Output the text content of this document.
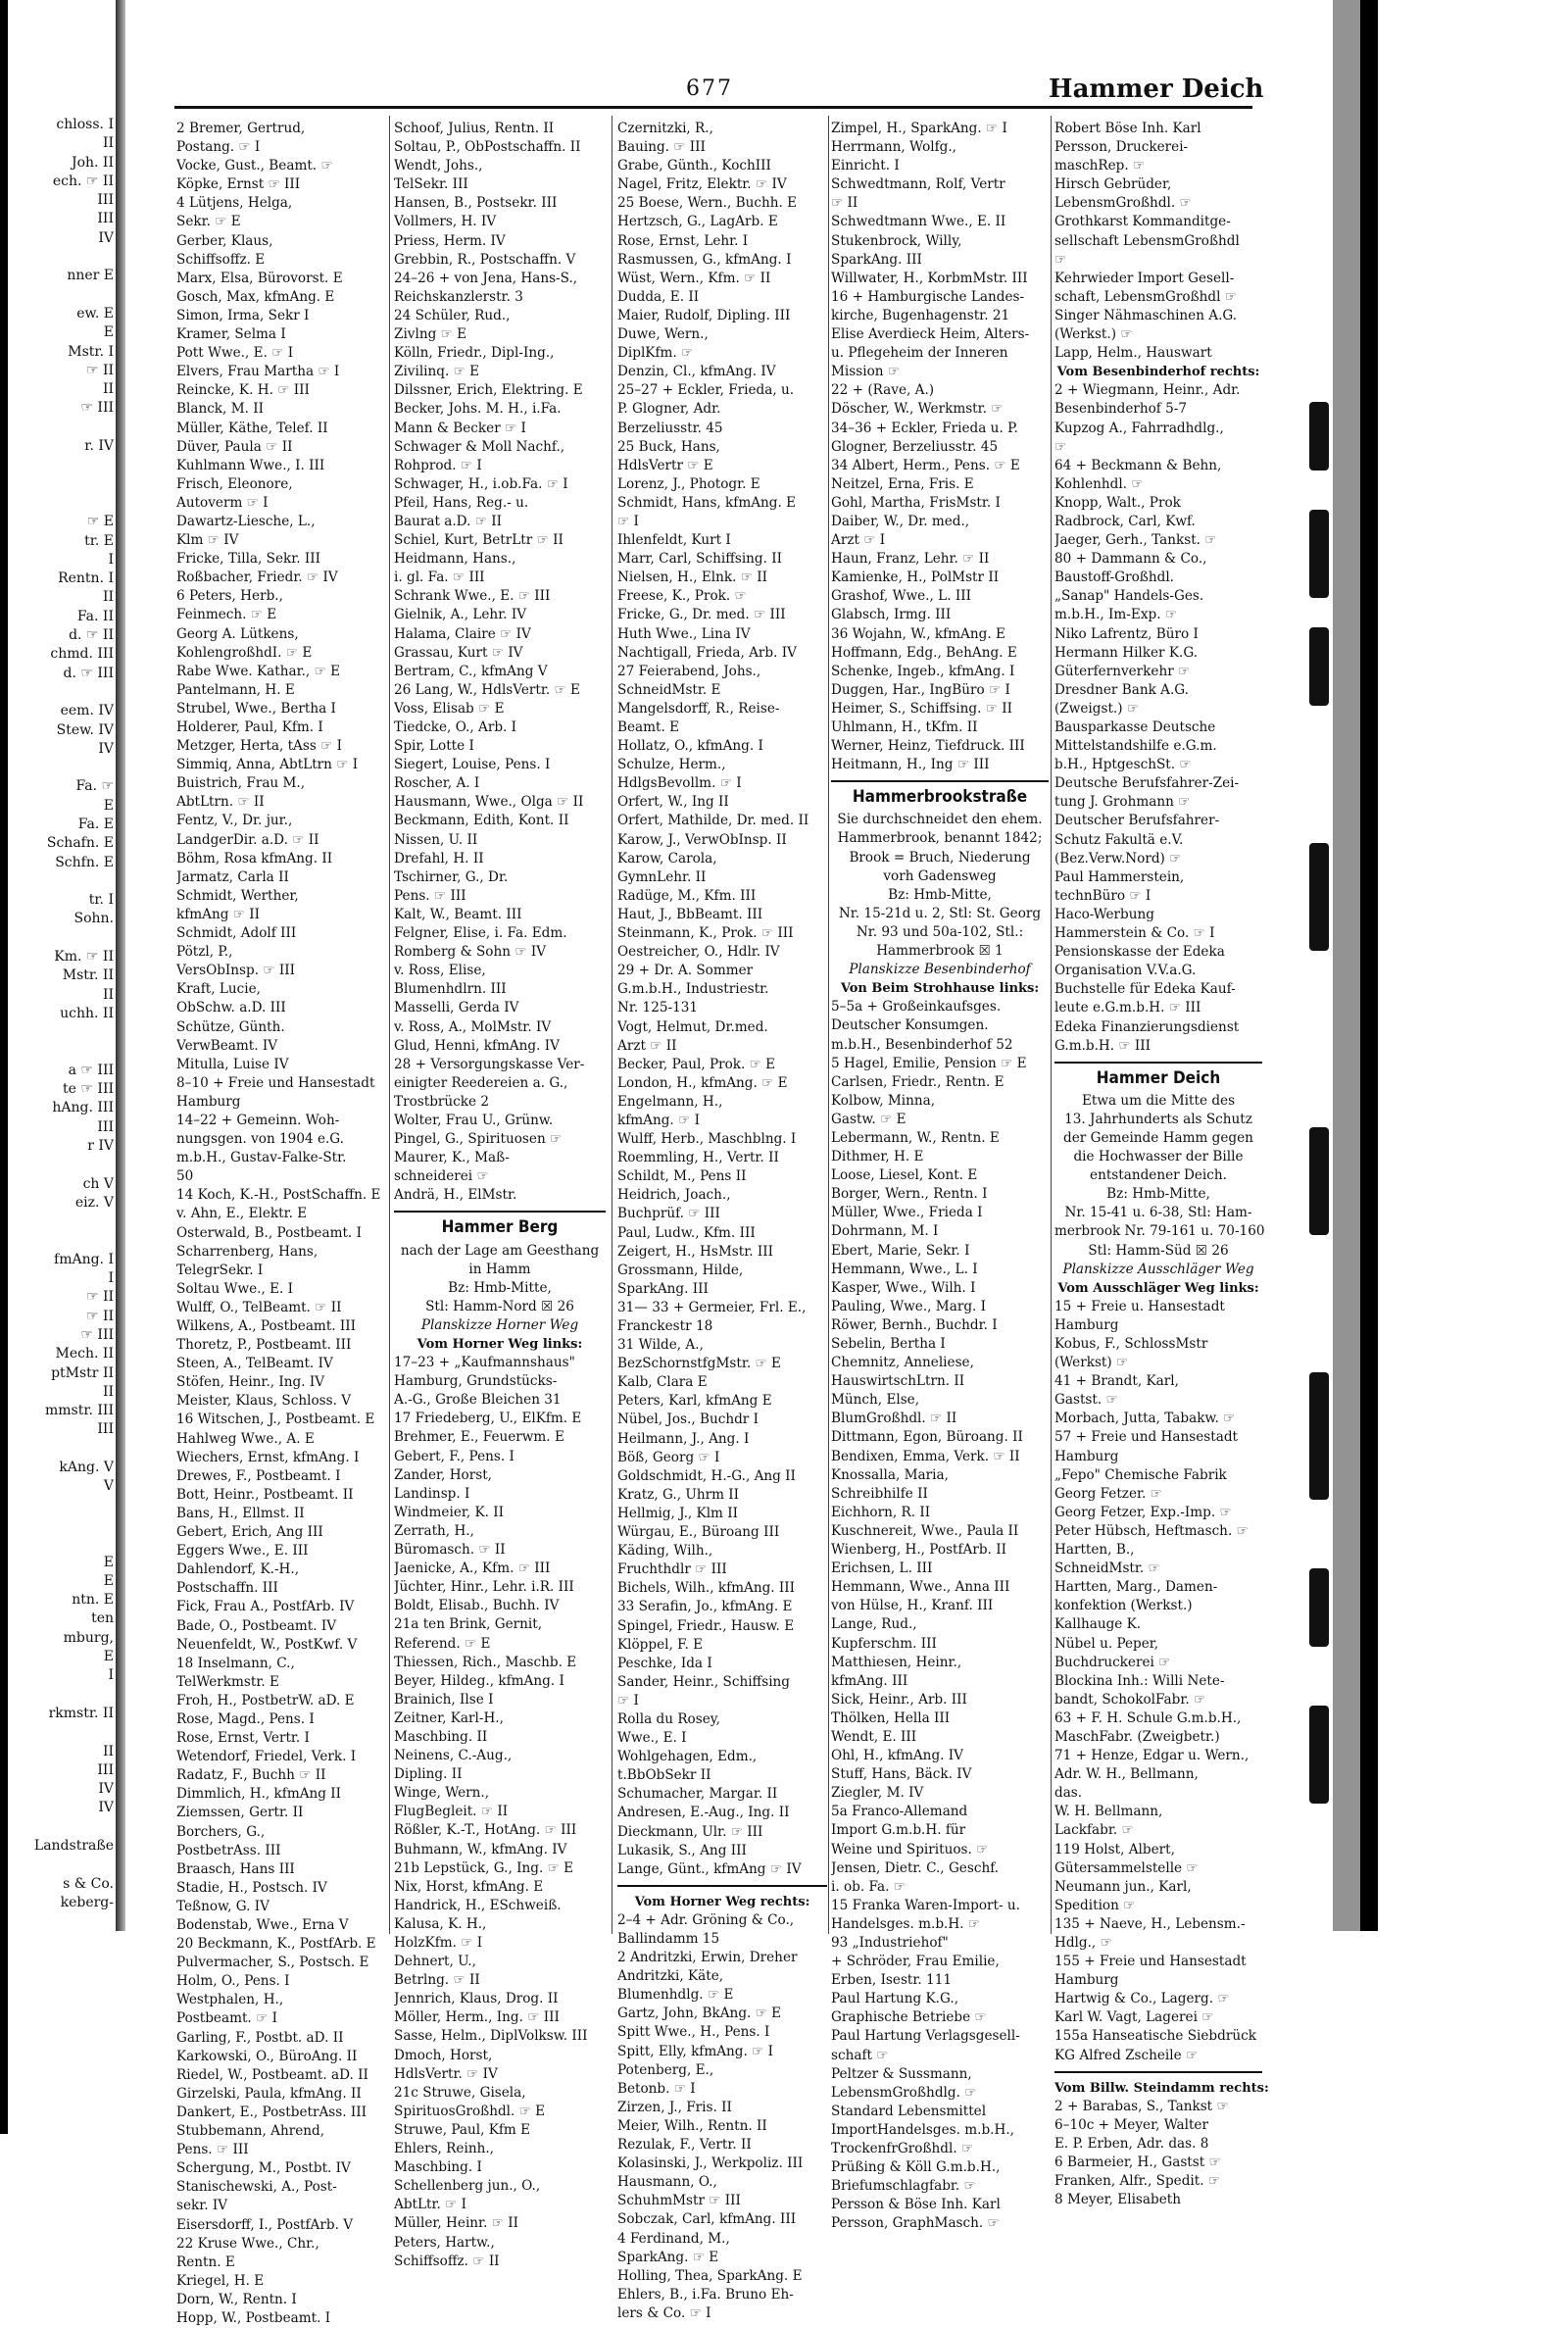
677	Hammer Deich
chloss. I
II
Joh. II
ech. ☞ II
III
III
IV

nner E

ew. E
E
Mstr. I
☞ II
II
☞ III

r. IV

☞ E
tr. E
I
Rentn. I
II
Fa. II
d. ☞ II
chmd. III
d. ☞ III

eem. IV
Stew. IV
IV

Fa. ☞
E
Fa. E
Schafn. E
Schfn. E

tr. I
Sohn.

Km. ☞ II
Mstr. II
II
uchh. II

a ☞ III
te ☞ III
hAng. III
III
r IV

ch V
eiz. V

fmAng. I
I
☞ II
☞ II
☞ III
Mech. II
ptMstr II
II
mmstr. III
III

kAng. V
V

E
E
ntn. E
ten
mburg,
E
I

rkmstr. II

II
III
IV
IV

Landstraße

s & Co.
keberg-
2 Bremer, Gertrud,
Postang. ☞ I
Vocke, Gust., Beamt. ☞
Köpke, Ernst ☞ III
4 Lütjens, Helga,
Sekr. ☞ E
Gerber, Klaus,
Schiffsoffz. E
Marx, Elsa, Bürovorst. E
Gosch, Max, kfmAng. E
Simon, Irma, Sekr I
Kramer, Selma I
Pott Wwe., E. ☞ I
Elvers, Frau Martha ☞ I
Reincke, K. H. ☞ III
Blanck, M. II
Müller, Käthe, Telef. II
Düver, Paula ☞ II
Kuhlmann Wwe., I. III
Frisch, Eleonore,
Autoverm ☞ I
Dawartz-Liesche, L.,
Klm ☞ IV
Fricke, Tilla, Sekr. III
Roßbacher, Friedr. ☞ IV
6 Peters, Herb.,
Feinmech. ☞ E
Georg A. Lütkens,
KohlengroßhdI. ☞ E
Rabe Wwe. Kathar., ☞ E
Pantelmann, H. E
Strubel, Wwe., Bertha I
Holderer, Paul, Kfm. I
Metzger, Herta, tAss ☞ I
Simmiq, Anna, AbtLtrn ☞ I
Buistrich, Frau M.,
AbtLtrn. ☞ II
Fentz, V., Dr. jur.,
LandgerDir. a.D. ☞ II
Böhm, Rosa kfmAng. II
Jarmatz, Carla II
Schmidt, Werther,
kfmAng ☞ II
Schmidt, Adolf III
Pötzl, P.,
VersObInsp. ☞ III
Kraft, Lucie,
ObSchw. a.D. III
Schütze, Günth.
VerwBeamt. IV
Mitulla, Luise IV
8–10 + Freie und Hansestadt
Hamburg
14–22 + Gemeinn. Woh-
nungsgen. von 1904 e.G.
m.b.H., Gustav-Falke-Str.
50
14 Koch, K.-H., PostSchaffn. E
v. Ahn, E., Elektr. E
Osterwald, B., Postbeamt. I
Scharrenberg, Hans,
TelegrSekr. I
Soltau Wwe., E. I
Wulff, O., TelBeamt. ☞ II
Wilkens, A., Postbeamt. III
Thoretz, P., Postbeamt. III
Steen, A., TelBeamt. IV
Stöfen, Heinr., Ing. IV
Meister, Klaus, Schloss. V
16 Witschen, J., Postbeamt. E
Hahlweg Wwe., A. E
Wiechers, Ernst, kfmAng. I
Drewes, F., Postbeamt. I
Bott, Heinr., Postbeamt. II
Bans, H., Ellmst. II
Gebert, Erich, Ang III
Eggers Wwe., E. III
Dahlendorf, K.-H.,
Postschaffn. III
Fick, Frau A., PostfArb. IV
Bade, O., Postbeamt. IV
Neuenfeldt, W., PostKwf. V
18 Inselmann, C.,
TelWerkmstr. E
Froh, H., PostbetrW. aD. E
Rose, Magd., Pens. I
Rose, Ernst, Vertr. I
Wetendorf, Friedel, Verk. I
Radatz, F., Buchh ☞ II
Dimmlich, H., kfmAng II
Ziemssen, Gertr. II
Borchers, G.,
PostbetrAss. III
Braasch, Hans III
Stadie, H., Postsch. IV
Teßnow, G. IV
Bodenstab, Wwe., Erna V
20 Beckmann, K., PostfArb. E
Pulvermacher, S., Postsch. E
Holm, O., Pens. I
Westphalen, H.,
Postbeamt. ☞ I
Garling, F., Postbt. aD. II
Karkowski, O., BüroAng. II
Riedel, W., Postbeamt. aD. II
Girzelski, Paula, kfmAng. II
Dankert, E., PostbetrAss. III
Stubbemann, Ahrend,
Pens. ☞ III
Schergung, M., Postbt. IV
Stanischewski, A., Post-
sekr. IV
Eisersdorff, I., PostfArb. V
22 Kruse Wwe., Chr.,
Rentn. E
Kriegel, H. E
Dorn, W., Rentn. I
Hopp, W., Postbeamt. I
Schoof, Julius, Rentn. II
Soltau, P., ObPostschaffn. II
Wendt, Johs.,
TelSekr. III
Hansen, B., Postsekr. III
Vollmers, H. IV
Priess, Herm. IV
Grebbin, R., Postschaffn. V
24–26 + von Jena, Hans-S.,
Reichskanzlerstr. 3
24 Schüler, Rud.,
Zivlng ☞ E
Kölln, Friedr., Dipl-Ing.,
Zivilinq. ☞ E
Dilssner, Erich, Elektring. E
Becker, Johs. M. H., i.Fa.
Mann & Becker ☞ I
Schwager & Moll Nachf.,
Rohprod. ☞ I
Schwager, H., i.ob.Fa. ☞ I
Pfeil, Hans, Reg.- u.
Baurat a.D. ☞ II
Schiel, Kurt, BetrLtr ☞ II
Heidmann, Hans.,
i. gl. Fa. ☞ III
Schrank Wwe., E. ☞ III
Gielnik, A., Lehr. IV
Halama, Claire ☞ IV
Grassau, Kurt ☞ IV
Bertram, C., kfmAng V
26 Lang, W., HdlsVertr. ☞ E
Voss, Elisab ☞ E
Tiedcke, O., Arb. I
Spir, Lotte I
Siegert, Louise, Pens. I
Roscher, A. I
Hausmann, Wwe., Olga ☞ II
Beckmann, Edith, Kont. II
Nissen, U. II
Drefahl, H. II
Tschirner, G., Dr.
Pens. ☞ III
Kalt, W., Beamt. III
Felgner, Elise, i. Fa. Edm.
Romberg & Sohn ☞ IV
v. Ross, Elise,
Blumenhdlrn. III
Masselli, Gerda IV
v. Ross, A., MolMstr. IV
Glud, Henni, kfmAng. IV
28 + Versorgungskasse Ver-
einigter Reedereien a. G.,
Trostbrücke 2
Wolter, Frau U., Grünw.
Pingel, G., Spirituosen ☞
Maurer, K., Maß-
schneiderei ☞
Andrä, H., ElMstr.
Hammer Berg
nach der Lage am Geesthang
in Hamm
Bz: Hmb-Mitte,
Stl: Hamm-Nord ☒ 26
Planskizze Horner Weg
Vom Horner Weg links:
17–23 + „Kaufmannshaus"
Hamburg, Grundstücks-
A.-G., Große Bleichen 31
17 Friedeberg, U., ElKfm. E
Brehmer, E., Feuerwm. E
Gebert, F., Pens. I
Zander, Horst,
Landinsp. I
Windmeier, K. II
Zerrath, H.,
Büromasch. ☞ II
Jaenicke, A., Kfm. ☞ III
Jüchter, Hinr., Lehr. i.R. III
Boldt, Elisab., Buchh. IV
21a ten Brink, Gernit,
Referend. ☞ E
Thiessen, Rich., Maschb. E
Beyer, Hildeg., kfmAng. I
Brainich, Ilse I
Zeitner, Karl-H.,
Maschbing. II
Neinens, C.-Aug.,
Dipling. II
Winge, Wern.,
FlugBegleit. ☞ II
Rößler, K.-T., HotAng. ☞ III
Buhmann, W., kfmAng. IV
21b Lepstück, G., Ing. ☞ E
Nix, Horst, kfmAng. E
Handrick, H., ESchweiß.
Kalusa, K. H.,
HolzKfm. ☞ I
Dehnert, U.,
Betrlng. ☞ II
Jennrich, Klaus, Drog. II
Möller, Herm., Ing. ☞ III
Sasse, Helm., DiplVolksw. III
Dmoch, Horst,
HdlsVertr. ☞ IV
21c Struwe, Gisela,
SpirituosGroßhdl. ☞ E
Struwe, Paul, Kfm E
Ehlers, Reinh.,
Maschbing. I
Schellenberg jun., O.,
AbtLtr. ☞ I
Müller, Heinr. ☞ II
Peters, Hartw.,
Schiffsoffz. ☞ II
Czernitzki, R.,
Bauing. ☞ III
Grabe, Günth., KochIII
Nagel, Fritz, Elektr. ☞ IV
25 Boese, Wern., Buchh. E
Hertzsch, G., LagArb. E
Rose, Ernst, Lehr. I
Rasmussen, G., kfmAng. I
Wüst, Wern., Kfm. ☞ II
Dudda, E. II
Maier, Rudolf, Dipling. III
Duwe, Wern.,
DiplKfm. ☞
Denzin, Cl., kfmAng. IV
25–27 + Eckler, Frieda, u.
P. Glogner, Adr.
Berzeliusstr. 45
25 Buck, Hans,
HdlsVertr ☞ E
Lorenz, J., Photogr. E
Schmidt, Hans, kfmAng. E
☞ I
Ihlenfeldt, Kurt I
Marr, Carl, Schiffsing. II
Nielsen, H., Elnk. ☞ II
Freese, K., Prok. ☞
Fricke, G., Dr. med. ☞ III
Huth Wwe., Lina IV
Nachtigall, Frieda, Arb. IV
27 Feierabend, Johs.,
SchneidMstr. E
Mangelsdorff, R., Reise-
Beamt. E
Hollatz, O., kfmAng. I
Schulze, Herm.,
HdlgsBevollm. ☞ I
Orfert, W., Ing II
Orfert, Mathilde, Dr. med. II
Karow, J., VerwObInsp. II
Karow, Carola,
GymnLehr. II
Radüge, M., Kfm. III
Haut, J., BbBeamt. III
Steinmann, K., Prok. ☞ III
Oestreicher, O., Hdlr. IV
29 + Dr. A. Sommer
G.m.b.H., Industriestr.
Nr. 125-131
Vogt, Helmut, Dr.med.
Arzt ☞ II
Becker, Paul, Prok. ☞ E
London, H., kfmAng. ☞ E
Engelmann, H.,
kfmAng. ☞ I
Wulff, Herb., Maschblng. I
Roemmling, H., Vertr. II
Schildt, M., Pens II
Heidrich, Joach.,
Buchprüf. ☞ III
Paul, Ludw., Kfm. III
Zeigert, H., HsMstr. III
Grossmann, Hilde,
SparkAng. III
31— 33 + Germeier, Frl. E.,
Franckestr 18
31 Wilde, A.,
BezSchornstfgMstr. ☞ E
Kalb, Clara E
Peters, Karl, kfmAng E
Nübel, Jos., Buchdr I
Heilmann, J., Ang. I
Böß, Georg ☞ I
Goldschmidt, H.-G., Ang II
Kratz, G., Uhrm II
Hellmig, J., Klm II
Würgau, E., Büroang III
Käding, Wilh.,
Fruchthdlr ☞ III
Bichels, Wilh., kfmAng. III
33 Serafin, Jo., kfmAng. E
Spingel, Friedr., Hausw. E
Klöppel, F. E
Peschke, Ida I
Sander, Heinr., Schiffsing
☞ I
Rolla du Rosey,
Wwe., E. I
Wohlgehagen, Edm.,
t.BbObSekr II
Schumacher, Margar. II
Andresen, E.-Aug., Ing. II
Dieckmann, Ulr. ☞ III
Lukasik, S., Ang III
Lange, Günt., kfmAng ☞ IV
Vom Horner Weg rechts:
2–4 + Adr. Gröning & Co.,
Ballindamm 15
2 Andritzki, Erwin, Dreher
Andritzki, Käte,
Blumenhdlg. ☞ E
Gartz, John, BkAng. ☞ E
Spitt Wwe., H., Pens. I
Spitt, Elly, kfmAng. ☞ I
Potenberg, E.,
Betonb. ☞ I
Zirzen, J., Fris. II
Meier, Wilh., Rentn. II
Rezulak, F., Vertr. II
Kolasinski, J., Werkpoliz. III
Hausmann, O.,
SchuhmMstr ☞ III
Sobczak, Carl, kfmAng. III
4 Ferdinand, M.,
SparkAng. ☞ E
Holling, Thea, SparkAng. E
Ehlers, B., i.Fa. Bruno Eh-
lers & Co. ☞ I
Zimpel, H., SparkAng. ☞ I
Herrmann, Wolfg.,
Einricht. I
Schwedtmann, Rolf, Vertr
☞ II
Schwedtmann Wwe., E. II
Stukenbrock, Willy,
SparkAng. III
Willwater, H., KorbmMstr. III
16 + Hamburgische Landes-
kirche, Bugenhagenstr. 21
Elise Averdieck Heim, Alters-
u. Pflegeheim der Inneren
Mission ☞
22 + (Rave, A.)
Döscher, W., Werkmstr. ☞
34–36 + Eckler, Frieda u. P.
Glogner, Berzeliusstr. 45
34 Albert, Herm., Pens. ☞ E
Neitzel, Erna, Fris. E
Gohl, Martha, FrisMstr. I
Daiber, W., Dr. med.,
Arzt ☞ I
Haun, Franz, Lehr. ☞ II
Kamienke, H., PolMstr II
Grashof, Wwe., L. III
Glabsch, Irmg. III
36 Wojahn, W., kfmAng. E
Hoffmann, Edg., BehAng. E
Schenke, Ingeb., kfmAng. I
Duggen, Har., IngBüro ☞ I
Heimer, S., Schiffsing. ☞ II
Uhlmann, H., tKfm. II
Werner, Heinz, Tiefdruck. III
Heitmann, H., Ing ☞ III
Hammerbrookstraße
Sie durchschneidet den ehem.
Hammerbrook, benannt 1842;
Brook = Bruch, Niederung
vorh Gadensweg
Bz: Hmb-Mitte,
Nr. 15-21d u. 2, Stl: St. Georg
Nr. 93 und 50a-102, Stl.:
Hammerbrook ☒ 1
Planskizze Besenbinderhof
Von Beim Strohhause links:
5–5a + Großeinkaufsges.
Deutscher Konsumgen.
m.b.H., Besenbinderhof 52
5 Hagel, Emilie, Pension ☞ E
Carlsen, Friedr., Rentn. E
Kolbow, Minna,
Gastw. ☞ E
Lebermann, W., Rentn. E
Dithmer, H. E
Loose, Liesel, Kont. E
Borger, Wern., Rentn. I
Müller, Wwe., Frieda I
Dohrmann, M. I
Ebert, Marie, Sekr. I
Hemmann, Wwe., L. I
Kasper, Wwe., Wilh. I
Pauling, Wwe., Marg. I
Röwer, Bernh., Buchdr. I
Sebelin, Bertha I
Chemnitz, Anneliese,
HauswirtschLtrn. II
Münch, Else,
BlumGroßhdl. ☞ II
Dittmann, Egon, Büroang. II
Bendixen, Emma, Verk. ☞ II
Knossalla, Maria,
Schreibhilfe II
Eichhorn, R. II
Kuschnereit, Wwe., Paula II
Wienberg, H., PostfArb. II
Erichsen, L. III
Hemmann, Wwe., Anna III
von Hülse, H., Kranf. III
Lange, Rud.,
Kupferschm. III
Matthiesen, Heinr.,
kfmAng. III
Sick, Heinr., Arb. III
Thölken, Hella III
Wendt, E. III
Ohl, H., kfmAng. IV
Stuff, Hans, Bäck. IV
Ziegler, M. IV
5a Franco-Allemand
Import G.m.b.H. für
Weine und Spirituos. ☞
Jensen, Dietr. C., Geschf.
i. ob. Fa. ☞
15 Franka Waren-Import- u.
Handelsges. m.b.H. ☞
93 „Industriehof"
+ Schröder, Frau Emilie,
Erben, Isestr. 111
Paul Hartung K.G.,
Graphische Betriebe ☞
Paul Hartung Verlagsgesell-
schaft ☞
Peltzer & Sussmann,
LebensmGroßhdlg. ☞
Standard Lebensmittel
ImportHandelsges. m.b.H.,
TrockenfrGroßhdl. ☞
Prüßing & Köll G.m.b.H.,
Briefumschlagfabr. ☞
Persson & Böse Inh. Karl
Persson, GraphMasch. ☞
Robert Böse Inh. Karl
Persson, Druckerei-
maschRep. ☞
Hirsch Gebrüder,
LebensmGroßhdl. ☞
Grothkarst Kommanditge-
sellschaft LebensmGroßhdl
☞
Kehrwieder Import Gesell-
schaft, LebensmGroßhdl ☞
Singer Nähmaschinen A.G.
(Werkst.) ☞
Lapp, Helm., Hauswart
Vom Besenbinderhof rechts:
2 + Wiegmann, Heinr., Adr.
Besenbinderhof 5-7
Kupzog A., Fahrradhdlg.,
☞
64 + Beckmann & Behn,
Kohlenhdl. ☞
Knopp, Walt., Prok
Radbrock, Carl, Kwf.
Jaeger, Gerh., Tankst. ☞
80 + Dammann & Co.,
Baustoff-Großhdl.
„Sanap" Handels-Ges.
m.b.H., Im-Exp. ☞
Niko Lafrentz, Büro I
Hermann Hilker K.G.
Güterfernverkehr ☞
Dresdner Bank A.G.
(Zweigst.) ☞
Bausparkasse Deutsche
Mittelstandshilfe e.G.m.
b.H., HptgeschSt. ☞
Deutsche Berufsfahrer-Zei-
tung J. Grohmann ☞
Deutscher Berufsfahrer-
Schutz Fakultä e.V.
(Bez.Verw.Nord) ☞
Paul Hammerstein,
technBüro ☞ I
Haco-Werbung
Hammerstein & Co. ☞ I
Pensionskasse der Edeka
Organisation V.V.a.G.
Buchstelle für Edeka Kauf-
leute e.G.m.b.H. ☞ III
Edeka Finanzierungsdienst
G.m.b.H. ☞ III
Hammer Deich
Etwa um die Mitte des
13. Jahrhunderts als Schutz
der Gemeinde Hamm gegen
die Hochwasser der Bille
entstandener Deich.
Bz: Hmb-Mitte,
Nr. 15-41 u. 6-38, Stl: Ham-
merbrook Nr. 79-161 u. 70-160
Stl: Hamm-Süd ☒ 26
Planskizze Ausschläger Weg
Vom Ausschläger Weg links:
15 + Freie u. Hansestadt
Hamburg
Kobus, F., SchlossMstr
(Werkst) ☞
41 + Brandt, Karl,
Gastst. ☞
Morbach, Jutta, Tabakw. ☞
57 + Freie und Hansestadt
Hamburg
„Fepo" Chemische Fabrik
Georg Fetzer. ☞
Georg Fetzer, Exp.-Imp. ☞
Peter Hübsch, Heftmasch. ☞
Hartten, B.,
SchneidMstr. ☞
Hartten, Marg., Damen-
konfektion (Werkst.)
Kallhauge K.
Nübel u. Peper,
Buchdruckerei ☞
Blockina Inh.: Willi Nete-
bandt, SchokolFabr. ☞
63 + F. H. Schule G.m.b.H.,
MaschFabr. (Zweigbetr.)
71 + Henze, Edgar u. Wern.,
Adr. W. H., Bellmann,
das.
W. H. Bellmann,
Lackfabr. ☞
119 Holst, Albert,
Gütersammelstelle ☞
Neumann jun., Karl,
Spedition ☞
135 + Naeve, H., Lebensm.-
Hdlg., ☞
155 + Freie und Hansestadt
Hamburg
Hartwig & Co., Lagerg. ☞
Karl W. Vagt, Lagerei ☞
155a Hanseatische Siebdrück
KG Alfred Zscheile ☞
Vom Billw. Steindamm rechts:
2 + Barabas, S., Tankst ☞
6–10c + Meyer, Walter
E. P. Erben, Adr. das. 8
6 Barmeier, H., Gastst ☞
Franken, Alfr., Spedit. ☞
8 Meyer, Elisabeth
